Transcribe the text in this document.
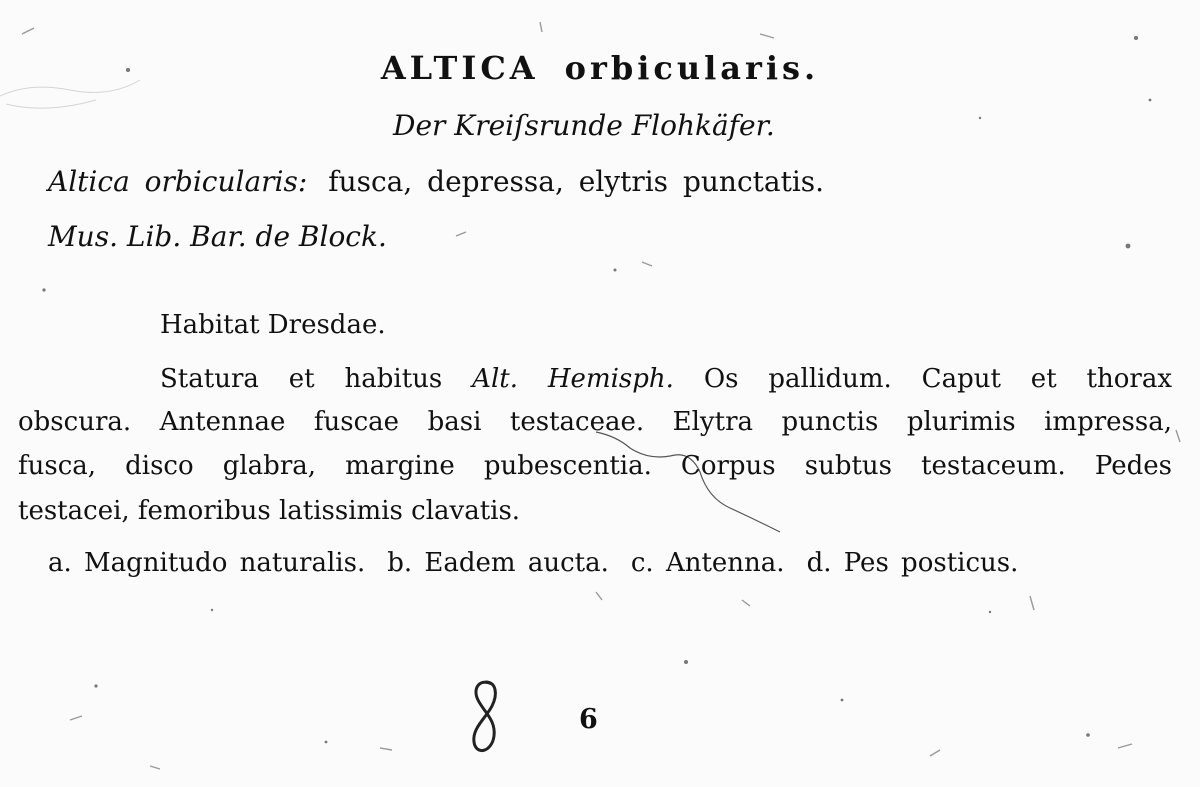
ALTICA orbicularis.
Der Kreiſsrunde Flohkäfer.
Altica orbicularis: fusca, depressa, elytris punctatis.
Mus. Lib. Bar. de Block.
Habitat Dresdae.
Statura et habitus Alt. Hemisph. Os pallidum. Caput et thorax
obscura. Antennae fuscae basi testaceae. Elytra punctis plurimis impressa,
fusca, disco glabra, margine pubescentia. Corpus subtus testaceum. Pedes
testacei, femoribus latissimis clavatis.
a. Magnitudo naturalis. b. Eadem aucta. c. Antenna. d. Pes posticus.
6
